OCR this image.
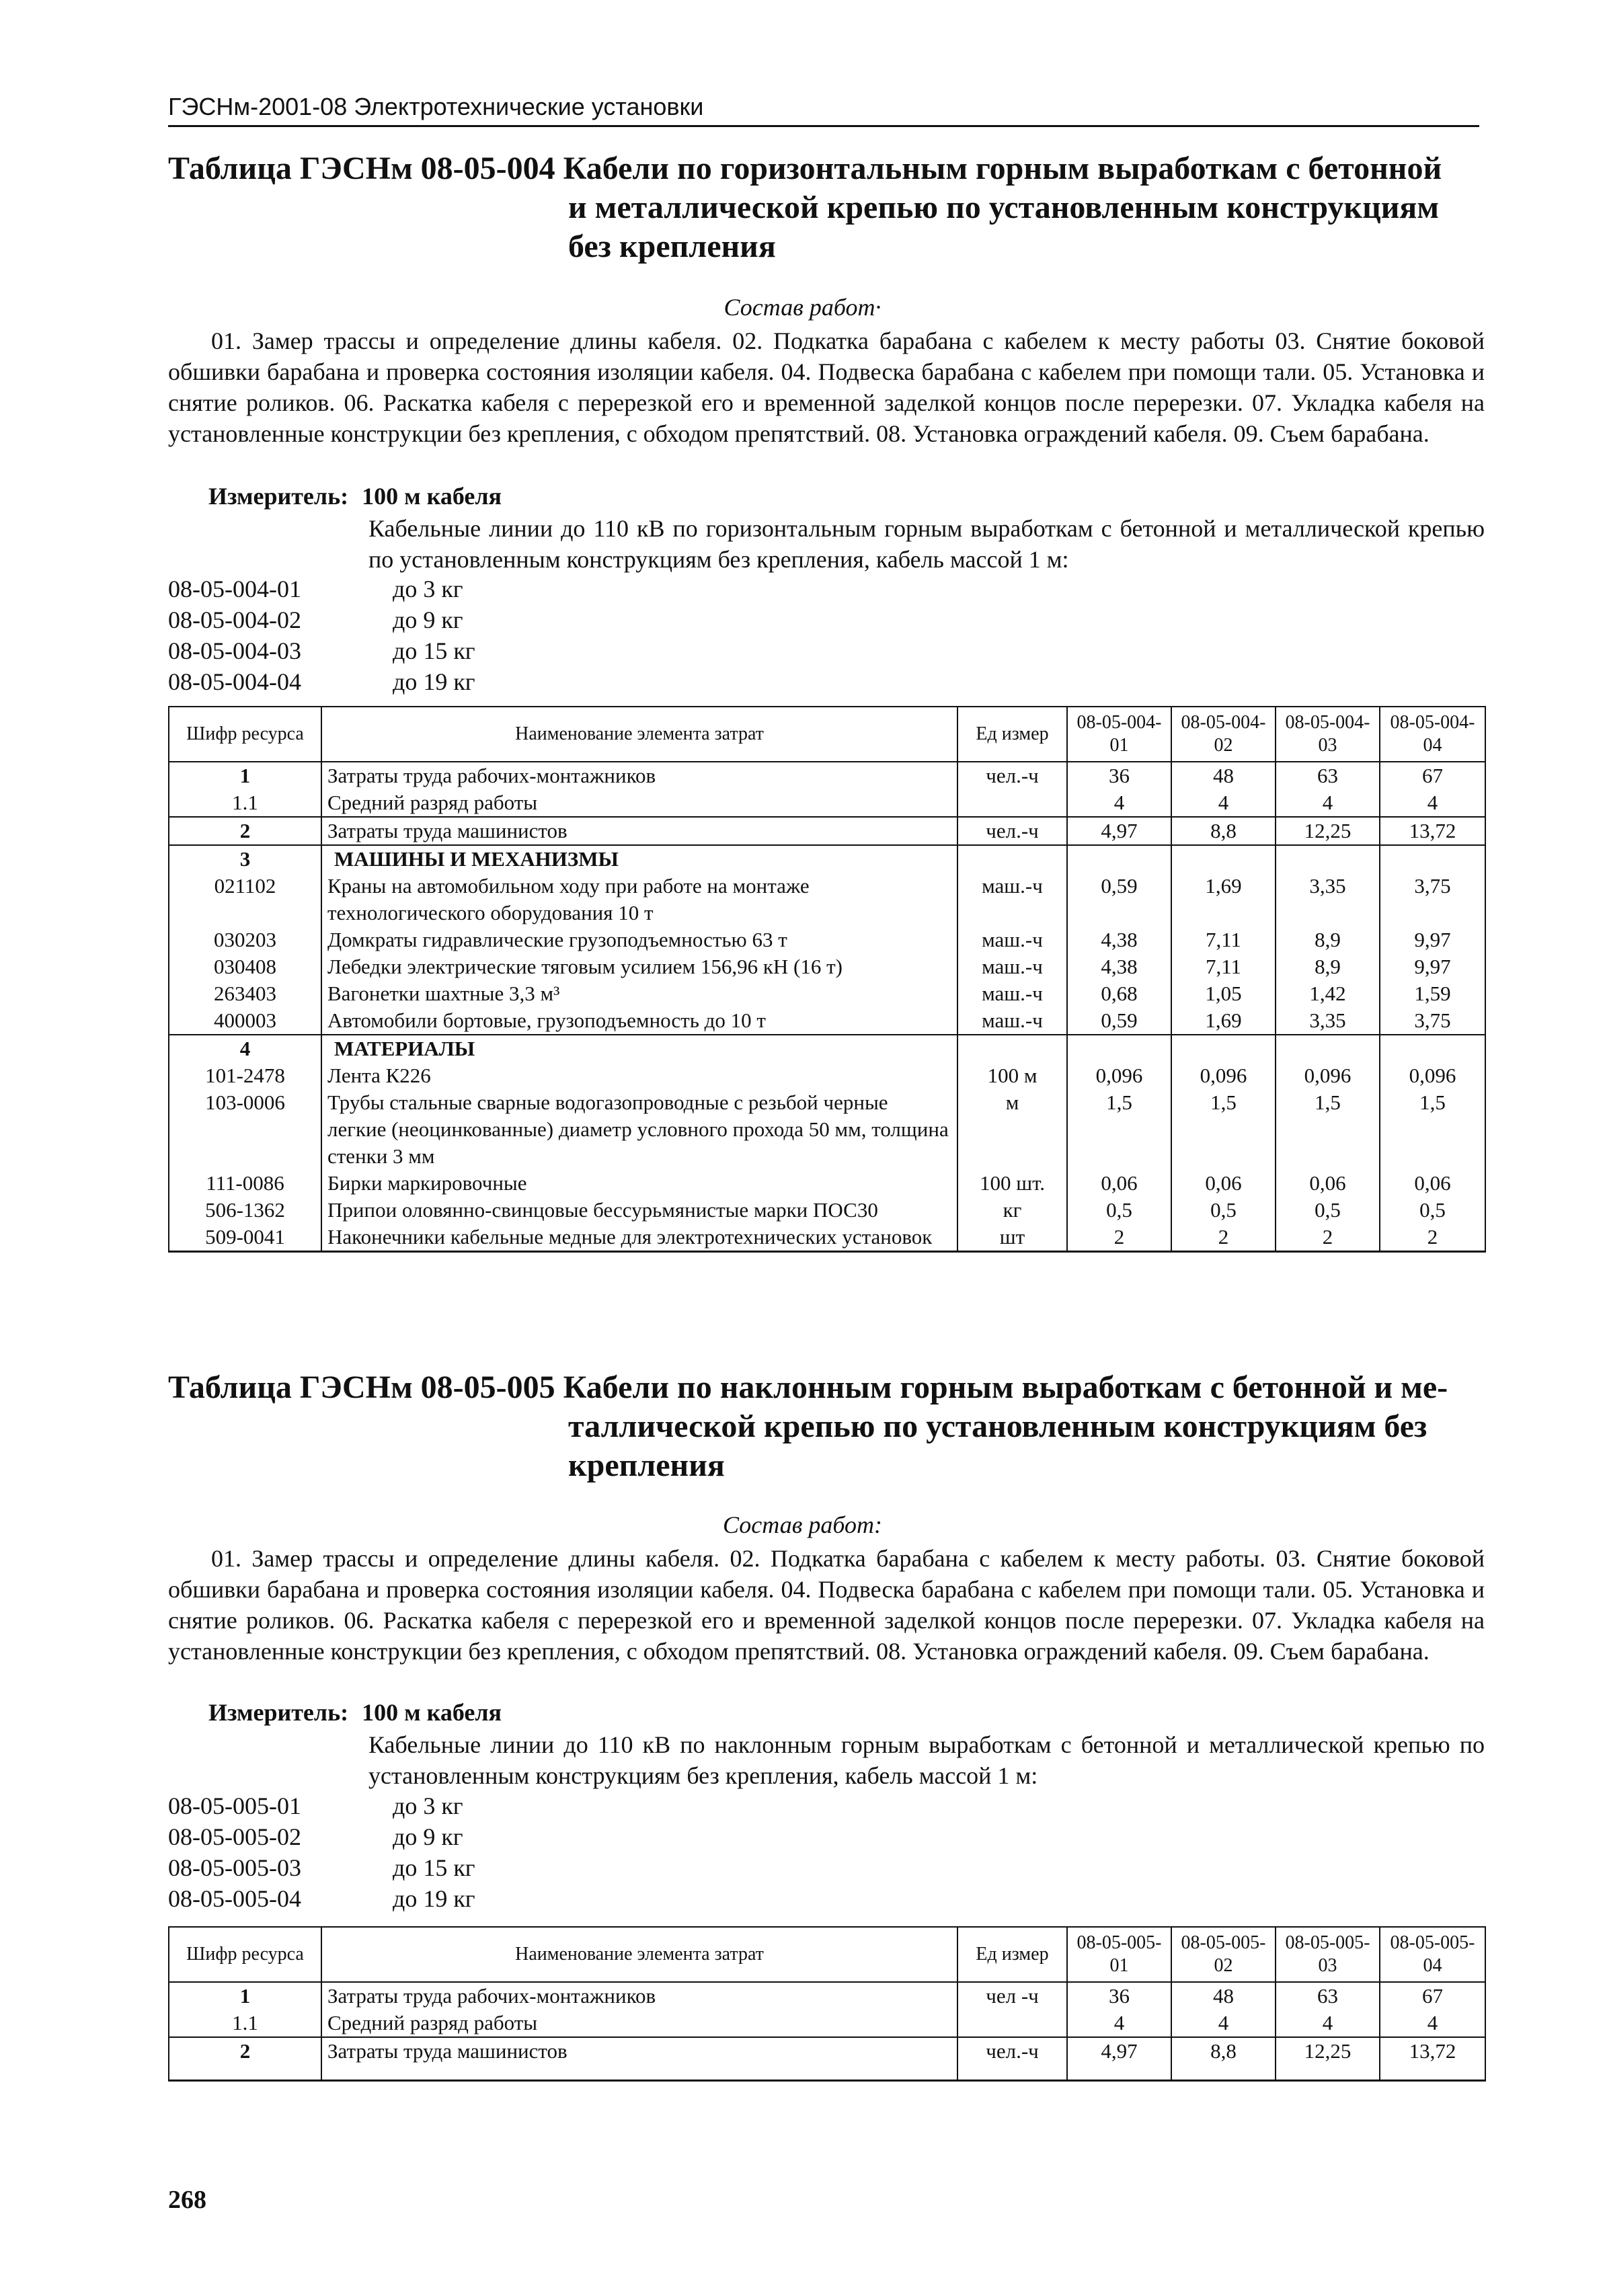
ГЭСНм-2001-08 Электротехнические установки
Таблица ГЭСНм 08-05-004 Кабели по горизонтальным горным выработкам с бетонной
и металлической крепью по установленным конструкциям
без крепления
Состав работ·

01. Замер трассы и определение длины кабеля. 02. Подкатка барабана с кабелем к месту работы 03. Снятие боковой обшивки барабана и проверка состояния изоляции кабеля. 04. Подвеска барабана с кабелем при помощи тали. 05. Установка и снятие роликов. 06. Раскатка кабеля с перерезкой его и временной заделкой концов после перерезки. 07. Укладка кабеля на установленные конструкции без крепления, с обходом препятствий. 08. Установка ограждений кабеля. 09. Съем барабана.

Измеритель: 100 м кабеля

Кабельные линии до 110 кВ по горизонтальным горным выработкам с бетонной и металлической крепью по установленным конструкциям без крепления, кабель массой 1 м:

08-05-004-01	до 3 кг
08-05-004-02	до 9 кг
08-05-004-03	до 15 кг
08-05-004-04	до 19 кг
Шифр ресурса	Наименование элемента затрат	Ед измер	08-05-004-01	08-05-004-02	08-05-004-03	08-05-004-04
1	Затраты труда рабочих-монтажников	чел.-ч	36	48	63	67
1.1	Средний разряд работы		4	4	4	4
2	Затраты труда машинистов	чел.-ч	4,97	8,8	12,25	13,72
3	МАШИНЫ И МЕХАНИЗМЫ					
021102	Краны на автомобильном ходу при работе на монтаже технологического оборудования 10 т	маш.-ч	0,59	1,69	3,35	3,75
030203	Домкраты гидравлические грузоподъемностью 63 т	маш.-ч	4,38	7,11	8,9	9,97
030408	Лебедки электрические тяговым усилием 156,96 кН (16 т)	маш.-ч	4,38	7,11	8,9	9,97
263403	Вагонетки шахтные 3,3 м³	маш.-ч	0,68	1,05	1,42	1,59
400003	Автомобили бортовые, грузоподъемность до 10 т	маш.-ч	0,59	1,69	3,35	3,75
4	МАТЕРИАЛЫ					
101-2478	Лента К226	100 м	0,096	0,096	0,096	0,096
103-0006	Трубы стальные сварные водогазопроводные с резьбой черные легкие (неоцинкованные) диаметр условного прохода 50 мм, толщина стенки 3 мм	м	1,5	1,5	1,5	1,5
111-0086	Бирки маркировочные	100 шт.	0,06	0,06	0,06	0,06
506-1362	Припои оловянно-свинцовые бессурьмянистые марки ПОС30	кг	0,5	0,5	0,5	0,5
509-0041	Наконечники кабельные медные для электротехнических установок	шт	2	2	2	2
Таблица ГЭСНм 08-05-005 Кабели по наклонным горным выработкам с бетонной и ме-
таллической крепью по установленным конструкциям без
крепления
Состав работ:

01. Замер трассы и определение длины кабеля. 02. Подкатка барабана с кабелем к месту работы. 03. Снятие боковой обшивки барабана и проверка состояния изоляции кабеля. 04. Подвеска барабана с кабелем при помощи тали. 05. Установка и снятие роликов. 06. Раскатка кабеля с перерезкой его и временной заделкой концов после перерезки. 07. Укладка кабеля на установленные конструкции без крепления, с обходом препятствий. 08. Установка ограждений кабеля. 09. Съем барабана.

Измеритель: 100 м кабеля

Кабельные линии до 110 кВ по наклонным горным выработкам с бетонной и металлической крепью по установленным конструкциям без крепления, кабель массой 1 м:

08-05-005-01	до 3 кг
08-05-005-02	до 9 кг
08-05-005-03	до 15 кг
08-05-005-04	до 19 кг
Шифр ресурса	Наименование элемента затрат	Ед измер	08-05-005-01	08-05-005-02	08-05-005-03	08-05-005-04
1	Затраты труда рабочих-монтажников	чел -ч	36	48	63	67
1.1	Средний разряд работы		4	4	4	4
2	Затраты труда машинистов	чел.-ч	4,97	8,8	12,25	13,72
268
